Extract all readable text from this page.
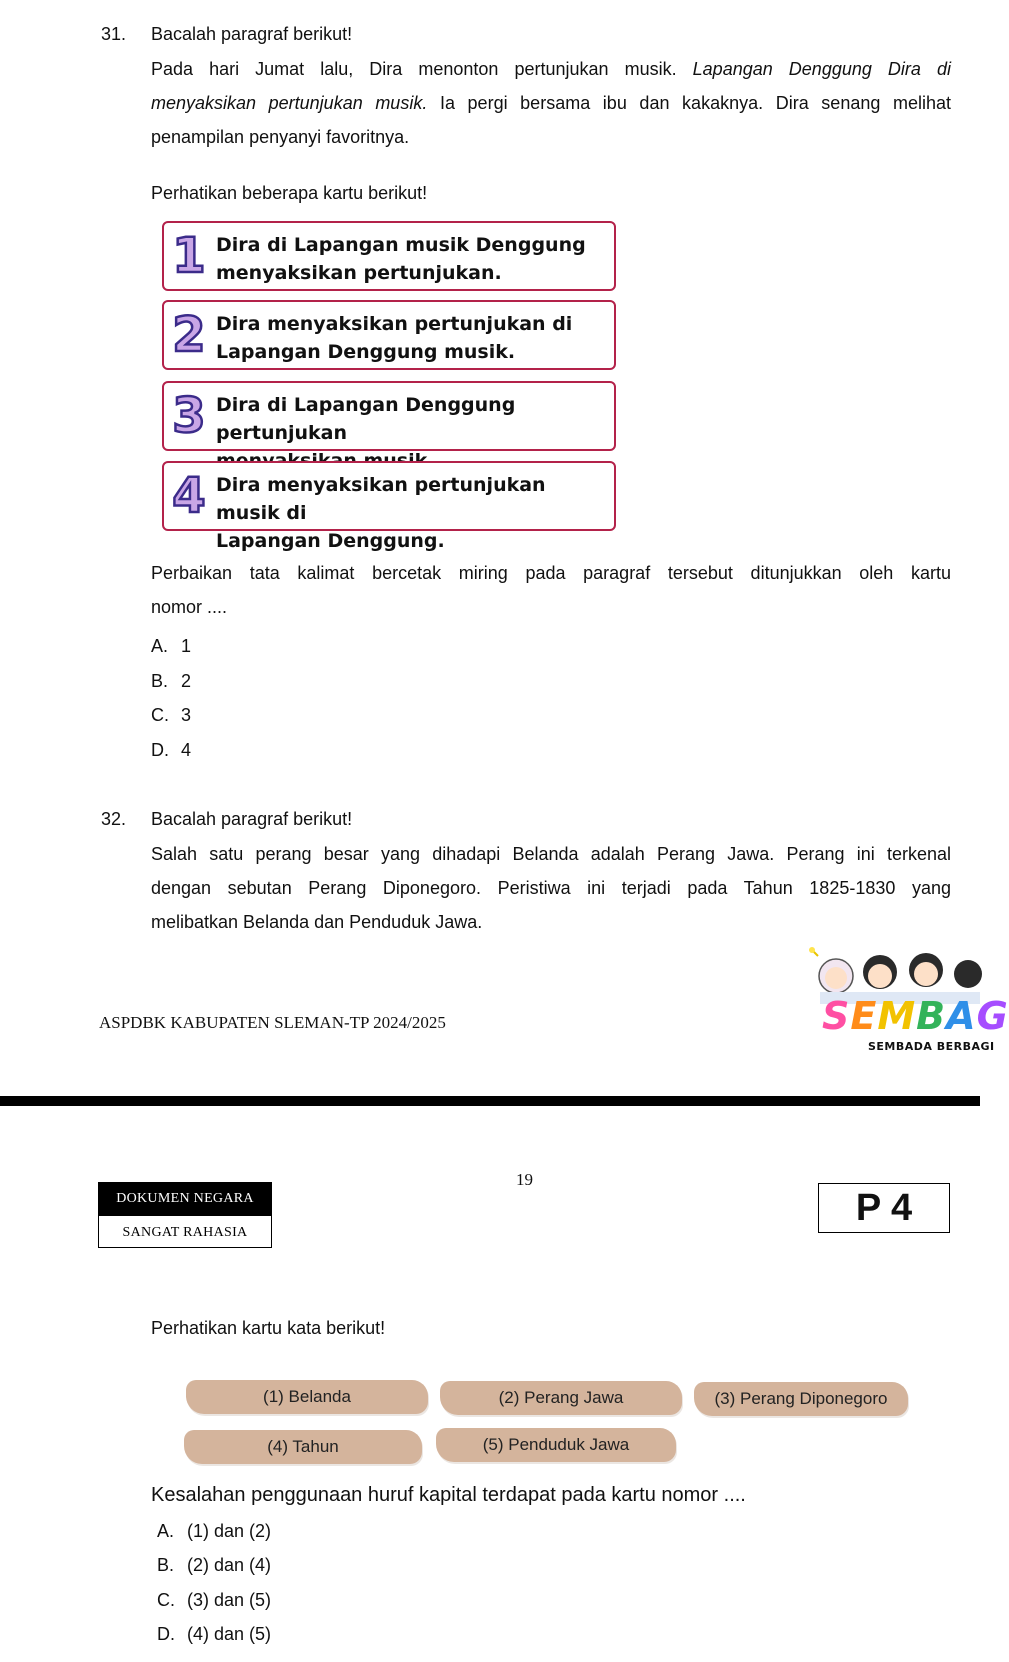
31. Bacalah paragraf berikut!
Pada hari Jumat lalu, Dira menonton pertunjukan musik. Lapangan Denggung Dira di
menyaksikan pertunjukan musik. Ia pergi bersama ibu dan kakaknya. Dira senang melihat
penampilan penyanyi favoritnya.
Perhatikan beberapa kartu berikut!
1 Dira di Lapangan musik Denggung
menyaksikan pertunjukan.
2 Dira menyaksikan pertunjukan di
Lapangan Denggung musik.
3 Dira di Lapangan Denggung pertunjukan
4 Dira menyaksikan pertunjukan musik di
Lapangan Denggung.
Perbaikan tata kalimat bercetak miring pada paragraf tersebut ditunjukkan oleh kartu
nomor ....
A. 1
B. 2
C. 3
D. 4
32. Bacalah paragraf berikut!
Salah satu perang besar yang dihadapi Belanda adalah Perang Jawa. Perang ini terkenal
dengan sebutan Perang Diponegoro. Peristiwa ini terjadi pada Tahun 1825-1830 yang
melibatkan Belanda dan Penduduk Jawa.
ASPDBK KABUPATEN SLEMAN-TP 2024/2025	SEMBAG
SEMBADA BERBAGI
19
DOKUMEN NEGARA
SANGAT RAHASIA
P 4
Perhatikan kartu kata berikut!
(1) Belanda	(2) Perang Jawa	(3) Perang Diponegoro
(4) Tahun	(5) Penduduk Jawa
Kesalahan penggunaan huruf kapital terdapat pada kartu nomor ....
A. (1) dan (2)
B. (2) dan (4)
C. (3) dan (5)
D. (4) dan (5)
